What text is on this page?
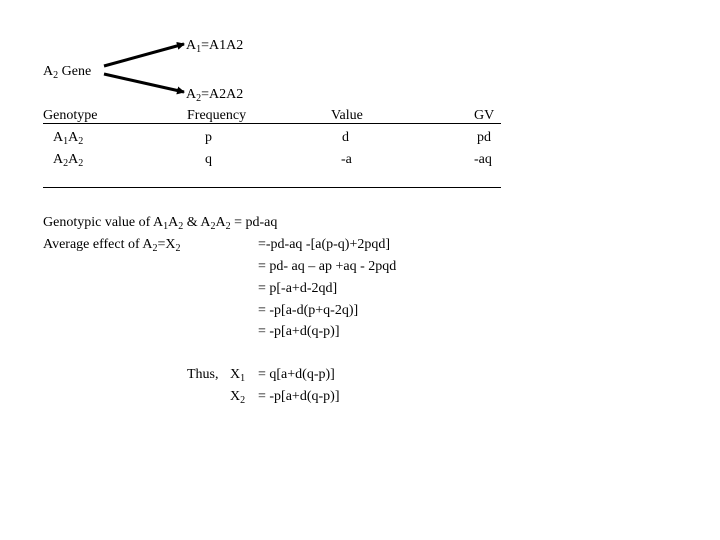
$A_1=A1A2$
$A_2$ Gene
$A_2=A2A2$
Genotype	Frequency	Value	GV
$A_1A_2$	p	d	pd
$A_2A_2$	q	-a	-aq
Genotypic value of $A_1A_2$ & $A_2A_2 = pd-aq$
Average effect of $A_2=X_2$	=-pd-aq -[a(p-q)+2pqd]
= pd- aq – ap +aq - 2pqd
= p[-a+d-2qd]
= -p[a-d(p+q-2q)]
= -p[a+d(q-p)]
Thus, $X_1 = q[a+d(q-p)]$
$X_2 = -p[a+d(q-p)]$
